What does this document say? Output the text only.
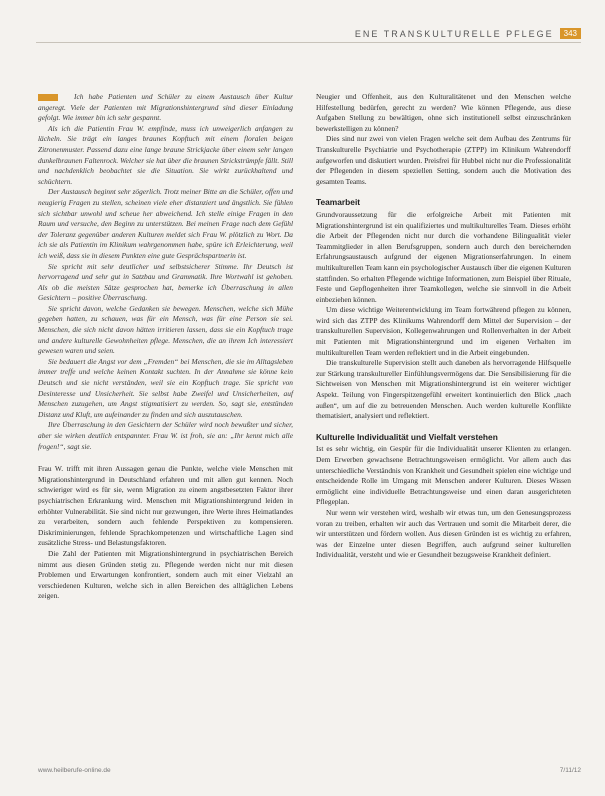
ENE TRANSKULTURELLE PFLEGE	343

Ich habe Patienten und Schüler zu einem Austausch über Kultur angeregt. Viele der Patienten mit Migrationshintergrund sind dieser Einladung gefolgt. Wie immer bin ich sehr gespannt.

Als ich die Patientin Frau W. empfinde, muss ich unweigerlich anfangen zu lächeln. Sie trägt ein langes braunes Kopftuch mit einem floralen beigen Zitronenmuster. Passend dazu eine lange braune Strickjacke über einem sehr langen dunkelbraunen Faltenrock. Welcher sie hat über die braunen Strickstrümpfe fällt. Still und nachdenklich beobachtet sie die Situation. Sie wirkt zurückhaltend und schüchtern.

Der Austausch beginnt sehr zögerlich. Trotz meiner Bitte an die Schüler, offen und neugierig Fragen zu stellen, scheinen viele eher distanziert und ängstlich. Sie fühlen sich sichtbar unwohl und scheue her abweichend. Ich stelle einige Fragen in den Raum und versuche, den Beginn zu unterstützen. Bei meinen Frage nach dem Gefühl der Toleranz gegenüber anderen Kulturen meldet sich Frau W. plötzlich zu Wort. Da ich sie als Patientin im Klinikum wahrgenommen habe, spüre ich Erleichterung, weil ich weiß, dass sie in diesem Punkten eine gute Gesprächspartnerin ist.

Sie spricht mit sehr deutlicher und selbstsicherer Stimme. Ihr Deutsch ist hervorragend und sehr gut in Satzbau und Grammatik. Ihre Wortwahl ist gehoben. Als ob die meisten Sätze gesprochen hat, bemerke ich Überraschung in allen Gesichtern – positive Überraschung.

Sie spricht davon, welche Gedanken sie bewegen. Menschen, welche sich Mühe gegeben hatten, zu schauen, was für ein Mensch, was für eine Person sie sei. Menschen, die sich nicht davon hätten irritieren lassen, dass sie ein Kopftuch trage und andere kulturelle Gewohnheiten pflege. Menschen, die an ihrem Ich interessiert gewesen waren und seien.

Sie bedauert die Angst vor dem „Fremden“ bei Menschen, die sie im Alltagsleben immer treffe und welche keinen Kontakt suchten. In der Annahme sie könne kein Deutsch und sie nicht verständen, weil sie ein Kopftuch trage. Sie spricht von Desinteresse und Unsicherheit. Sie selbst habe Zweifel und Unsicherheiten, auf Menschen zuzugehen, um Angst stigmatisiert zu werden. So, sagt sie, entstünden Distanz und Kluft, um aufeinander zu finden und sich auszutauschen.

Ihre Überraschung in den Gesichtern der Schüler wird noch bewußter und sicher, aber sie wirken deutlich entspannter. Frau W. ist froh, sie an: „Ihr kennt mich alle frogen!“, sagt sie.

Frau W. trifft mit ihren Aussagen genau die Punkte, welche viele Menschen mit Migrationshintergrund in Deutschland erfahren und mit allen gut kennen. Noch schwieriger wird es für sie, wenn Migration zu einem angstbesetzten Faktor ihrer psychiatrischen Erkrankung wird. Menschen mit Migrationshintergrund leiden in erhöhter Vulnerabilität. Sie sind nicht nur gezwungen, ihre Werte ihres Heimatlandes zu verarbeiten, sondern auch fehlende Perspektiven zu kompensieren. Diskriminierungen, fehlende Sprachkompetenzen und wirtschaftliche Lagen sind zusätzliche Stress- und Belastungsfaktoren.

Die Zahl der Patienten mit Migrationshintergrund in psychiatrischen Bereich nimmt aus diesen Gründen stetig zu. Pflegende werden nicht nur mit diesen Problemen und Erwartungen konfrontiert, sondern auch mit einer Vielzahl an verschiedenen Kulturen, welche sich in allen Bereichen des alltäglichen Lebens zeigen.

Neugier und Offenheit, aus den Kulturalitätenet und den Menschen welche Hilfestellung bedürfen, gerecht zu werden? Wie können Pflegende, aus diese Aufgaben Stellung zu bewältigen, ohne sich institutionell selbst einzuschränken bewerkstelligen zu können?

Dies sind nur zwei von vielen Fragen welche seit dem Aufbau des Zentrums für Transkulturelle Psychiatrie und Psychotherapie (ZTPP) im Klinikum Wahrendorff aufgeworfen und diskutiert wurden. Preisfrei für Hubbel nicht nur die Professionalität der Pflegenden in diesem speziellen Setting, sondern auch die Motivation des gesamten Teams.

Teamarbeit

Grundvoraussetzung für die erfolgreiche Arbeit mit Patienten mit Migrationshintergrund ist ein qualifiziertes und multikulturelles Team. Dieses erhöht die Arbeit der Pflegenden nicht nur durch die vorhandene Bilingualität vieler Teammitglieder in allen Berufsgruppen, sondern auch durch den bereichernden Erfahrungsaustausch aufgrund der eigenen Migrationserfahrungen. In einem multikulturellen Team kann ein psychologischer Austausch über die eigenen Kulturen stattfinden. So erhalten Pflegende wichtige Informationen, zum Beispiel über Rituale, Feste und Gepflogenheiten ihrer Teamkollegen, welche sie sinnvoll in die Arbeit einbeziehen können.

Um diese wichtige Weiterentwicklung im Team fortwährend pflegen zu können, wird sich das ZTPP des Klinikums Wahrendorff dem Mittel der Supervision – der transkulturellen Supervision, Kollegenwahrungen und Rollenverhalten in der Arbeit mit Patienten mit Migrationshintergrund und im eigenen Verhalten im multikulturellen Team werden reflektiert und in die Arbeit eingebunden.

Die transkulturelle Supervision stellt auch daneben als hervorragende Hilfsquelle zur Stärkung transkultureller Einfühlungsvermögens dar. Die Sensibilisierung für die Sichtweisen von Menschen mit Migrationshintergrund ist ein weiterer wichtiger Aspekt. Teilung von Fingerspitzengefühl erweitert kontinuierlich den Blick „nach außen“, um auf die zu betreuenden Menschen. Auch werden kulturelle Konflikte thematisiert, analysiert und reflektiert.

Kulturelle Individualität und Vielfalt verstehen

Ist es sehr wichtig, ein Gespür für die Individualität unserer Klienten zu erlangen. Dem Erwerben gewachsene Betrachtungsweisen ermöglicht. Vor allem auch das unterschiedliche Verständnis von Krankheit und Gesundheit spielen eine wichtige und entscheidende Rolle im Umgang mit Menschen anderer Kulturen. Dieses Wissen ermöglicht eine individuelle Betrachtungsweise und einen daran ausgerichteten Pflegeplan.

Nur wenn wir verstehen wird, weshalb wir etwas tun, um den Genesungsprozess voran zu treiben, erhalten wir auch das Vertrauen und somit die Mitarbeit derer, die wir unterstützen und fördern wollen. Aus diesen Gründen ist es wichtig zu erfahren, was der Einzelne unter diesen Begriffen, auch aufgrund seiner kulturellen Individualität, versteht und wie er Gesundheit bezugsweise Krankheit definiert.

www.heilberufe-online.de	7/11/12
